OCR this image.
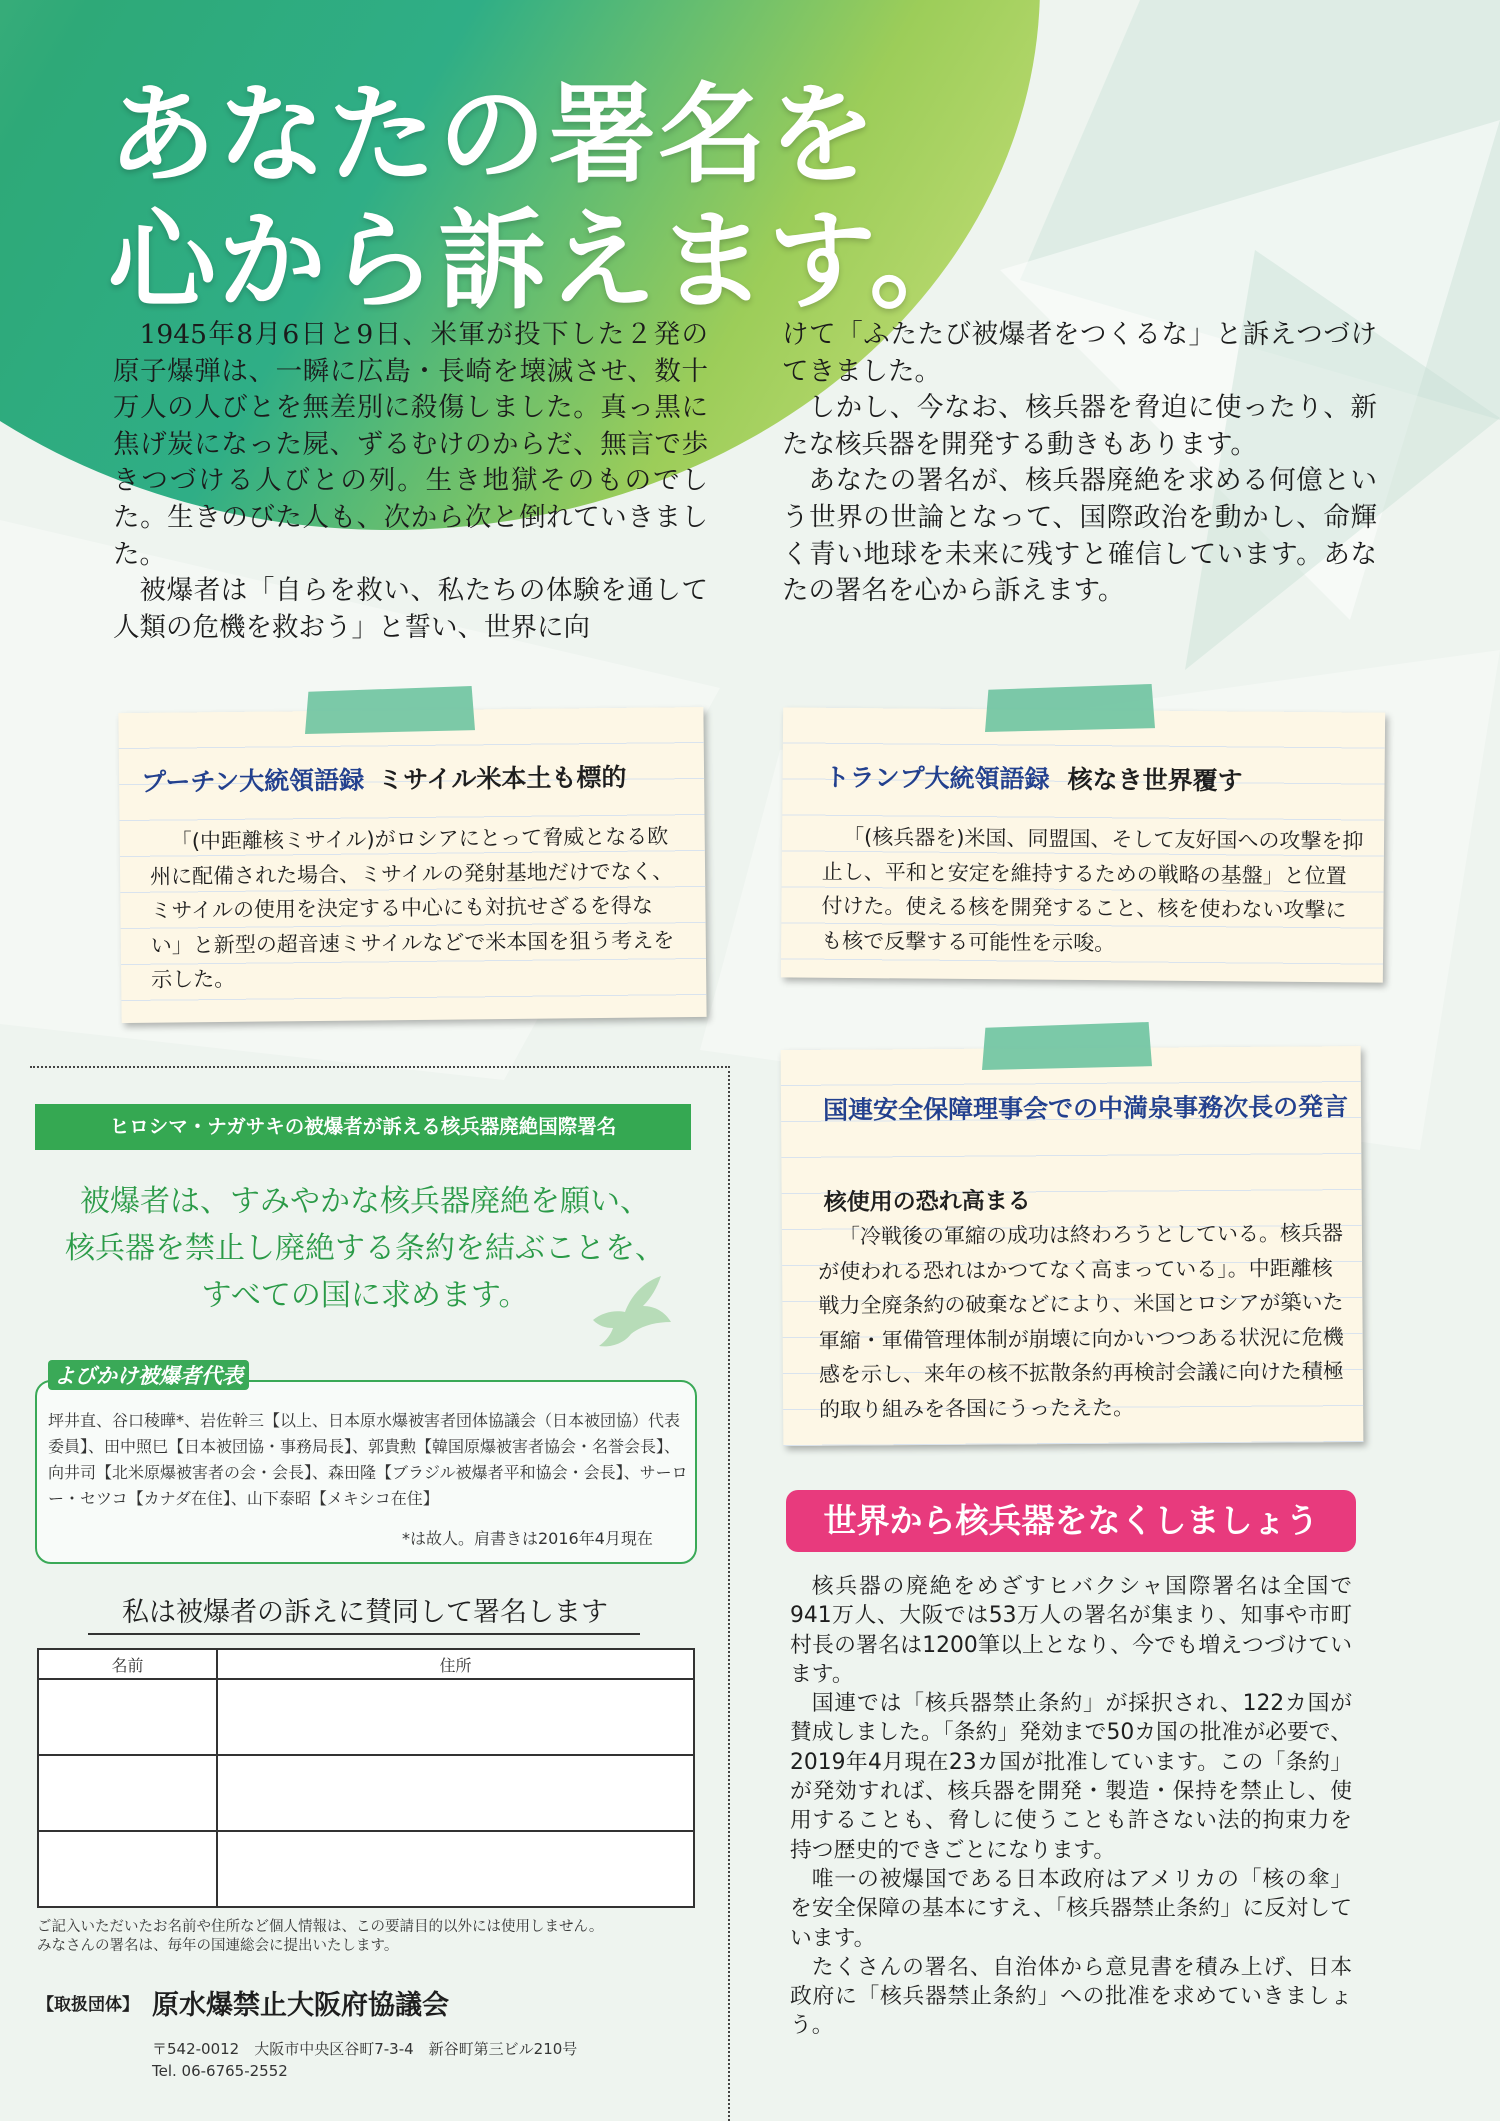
あなたの署名を
心から訴えます。

1945年8月6日と9日、米軍が投下した２発の原子爆弾は、一瞬に広島・長崎を壊滅させ、数十万人の人びとを無差別に殺傷しました。真っ黒に焦げ炭になった屍、ずるむけのからだ、無言で歩きつづける人びとの列。生き地獄そのものでした。生きのびた人も、次から次と倒れていきました。

被爆者は「自らを救い、私たちの体験を通して人類の危機を救おう」と誓い、世界に向

けて「ふたたび被爆者をつくるな」と訴えつづけてきました。

しかし、今なお、核兵器を脅迫に使ったり、新たな核兵器を開発する動きもあります。

あなたの署名が、核兵器廃絶を求める何億という世界の世論となって、国際政治を動かし、命輝く青い地球を未来に残すと確信しています。あなたの署名を心から訴えます。

プーチン大統領語録 ミサイル米本土も標的

「(中距離核ミサイル)がロシアにとって脅威となる欧州に配備された場合、ミサイルの発射基地だけでなく、ミサイルの使用を決定する中心にも対抗せざるを得ない」と新型の超音速ミサイルなどで米本国を狙う考えを示した。

トランプ大統領語録 核なき世界覆す

「(核兵器を)米国、同盟国、そして友好国への攻撃を抑止し、平和と安定を維持するための戦略の基盤」と位置付けた。使える核を開発すること、核を使わない攻撃にも核で反撃する可能性を示唆。

国連安全保障理事会での中満泉事務次長の発言

核使用の恐れ高まる

「冷戦後の軍縮の成功は終わろうとしている。核兵器が使われる恐れはかつてなく高まっている」。中距離核戦力全廃条約の破棄などにより、米国とロシアが築いた軍縮・軍備管理体制が崩壊に向かいつつある状況に危機感を示し、来年の核不拡散条約再検討会議に向けた積極的取り組みを各国にうったえた。

ヒロシマ・ナガサキの被爆者が訴える核兵器廃絶国際署名

被爆者は、すみやかな核兵器廃絶を願い、
核兵器を禁止し廃絶する条約を結ぶことを、
すべての国に求めます。

よびかけ被爆者代表

坪井直、谷口稜曄*、岩佐幹三【以上、日本原水爆被害者団体協議会（日本被団協）代表委員】、田中照巳【日本被団協・事務局長】、郭貴勲【韓国原爆被害者協会・名誉会長】、向井司【北米原爆被害者の会・会長】、森田隆【ブラジル被爆者平和協会・会長】、サーロー・セツコ【カナダ在住】、山下泰昭【メキシコ在住】

*は故人。肩書きは2016年4月現在

私は被爆者の訴えに賛同して署名します

名前	住所

ご記入いただいたお名前や住所など個人情報は、この要請目的以外には使用しません。
みなさんの署名は、毎年の国連総会に提出いたします。

【取扱団体】 原水爆禁止大阪府協議会

〒542-0012　大阪市中央区谷町7-3-4　新谷町第三ビル210号

Tel. 06-6765-2552

世界から核兵器をなくしましょう

核兵器の廃絶をめざすヒバクシャ国際署名は全国で941万人、大阪では53万人の署名が集まり、知事や市町村長の署名は1200筆以上となり、今でも増えつづけています。

国連では「核兵器禁止条約」が採択され、122カ国が賛成しました。「条約」発効まで50カ国の批准が必要で、2019年4月現在23カ国が批准しています。この「条約」が発効すれば、核兵器を開発・製造・保持を禁止し、使用することも、脅しに使うことも許さない法的拘束力を持つ歴史的できごとになります。

唯一の被爆国である日本政府はアメリカの「核の傘」を安全保障の基本にすえ、「核兵器禁止条約」に反対しています。

たくさんの署名、自治体から意見書を積み上げ、日本政府に「核兵器禁止条約」への批准を求めていきましょう。
